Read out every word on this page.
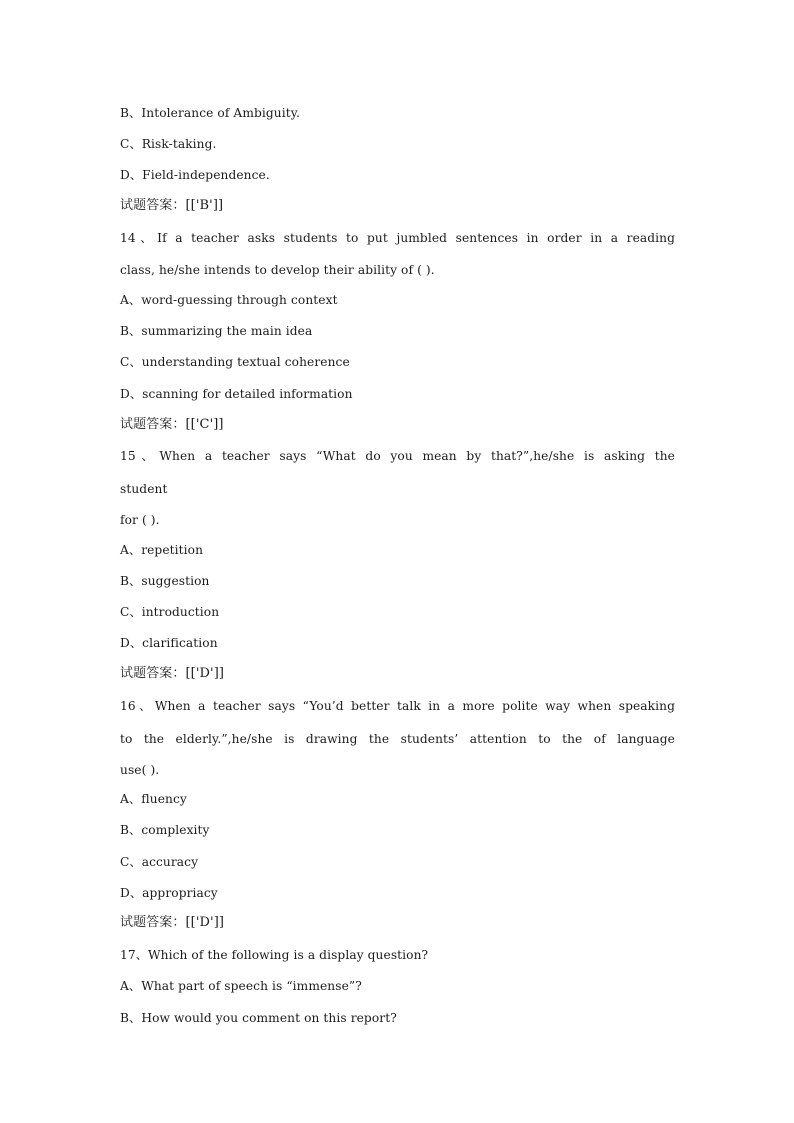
B、Intolerance of Ambiguity.
C、Risk-taking.
D、Field-independence.
试题答案：[['B']]
14、If a teacher asks students to put jumbled sentences in order in a reading
class, he/she intends to develop their ability of ( ).
A、word-guessing through context
B、summarizing the main idea
C、understanding textual coherence
D、scanning for detailed information
试题答案：[['C']]
15、When a teacher says “What do you mean by that?”,he/she is asking the
student
for ( ).
A、repetition
B、suggestion
C、introduction
D、clarification
试题答案：[['D']]
16、When a teacher says “You’d better talk in a more polite way when speaking
to the elderly.”,he/she is drawing the students’ attention to the of language
use( ).
A、fluency
B、complexity
C、accuracy
D、appropriacy
试题答案：[['D']]
17、Which of the following is a display question?
A、What part of speech is “immense”?
B、How would you comment on this report?
